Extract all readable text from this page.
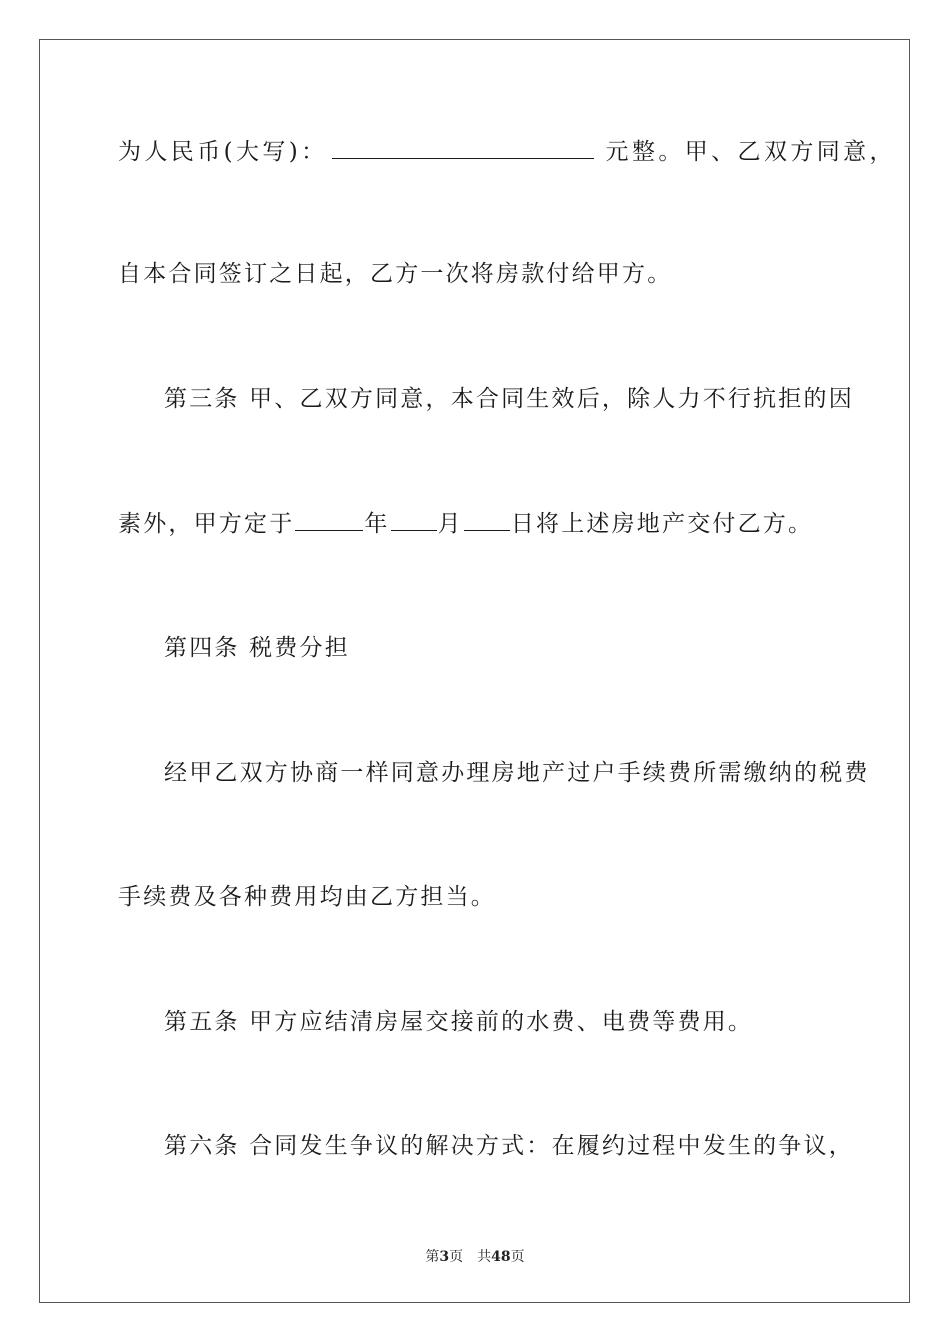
为人民币(大写)：	元整。甲、乙双方同意，
自本合同签订之日起，乙方一次将房款付给甲方。
第三条 甲、乙双方同意，本合同生效后，除人力不行抗拒的因
素外，甲方定于	年 月 日将上述房地产交付乙方。
第四条 税费分担
经甲乙双方协商一样同意办理房地产过户手续费所需缴纳的税费
手续费及各种费用均由乙方担当。
第五条 甲方应结清房屋交接前的水费、电费等费用。
第六条 合同发生争议的解决方式：在履约过程中发生的争议，
第3页 共48页
